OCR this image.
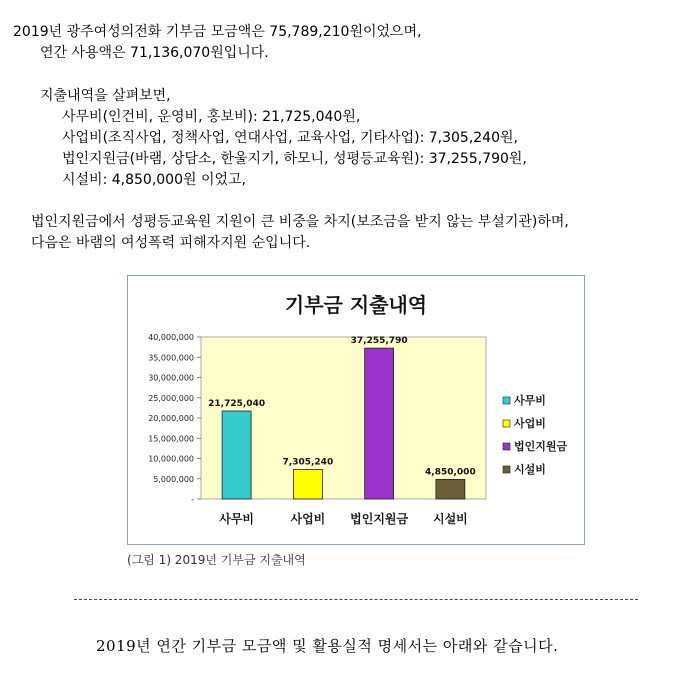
2019년 광주여성의전화 기부금 모금액은 75,789,210원이었으며,
연간 사용액은 71,136,070원입니다.
지출내역을 살펴보면,
사무비(인건비, 운영비, 홍보비): 21,725,040원,
사업비(조직사업, 정책사업, 연대사업, 교육사업, 기타사업): 7,305,240원,
법인지원금(바램, 상담소, 한울지기, 하모니, 성평등교육원): 37,255,790원,
시설비: 4,850,000원 이었고,
법인지원금에서 성평등교육원 지원이 큰 비중을 차지(보조금을 받지 않는 부설기관)하며,
다음은 바램의 여성폭력 피해자지원 순입니다.
기부금 지출내역
-
5,000,000
10,000,000
15,000,000
20,000,000
25,000,000
30,000,000
35,000,000
40,000,000
21,725,040
사무비
7,305,240
사업비
37,255,790
법인지원금
4,850,000
시설비
사무비
사업비
법인지원금
시설비
(그림 1) 2019년 기부금 지출내역
2019년 연간 기부금 모금액 및 활용실적 명세서는 아래와 같습니다.
